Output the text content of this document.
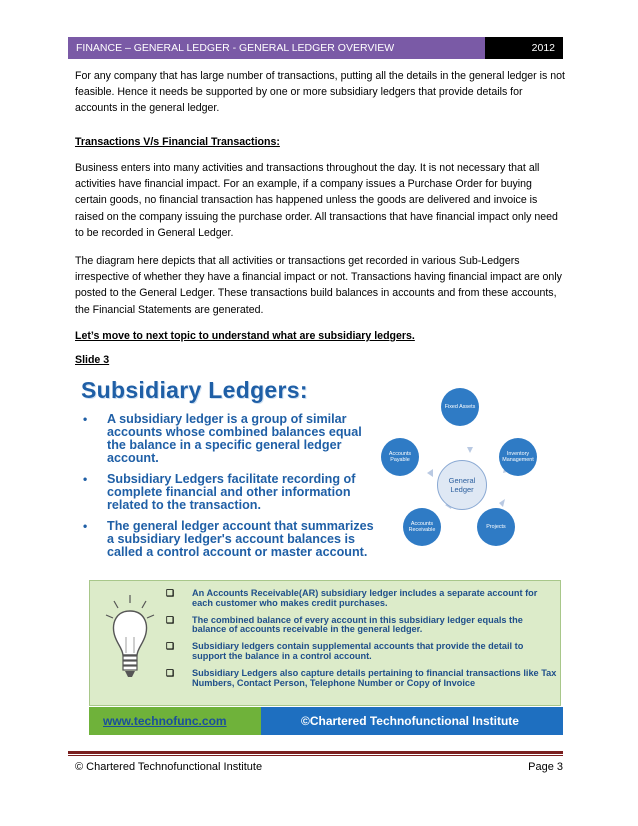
FINANCE – GENERAL LEDGER - GENERAL LEDGER OVERVIEW	2012
For any company that has large number of transactions, putting all the details in the general ledger is not feasible. Hence it needs be supported by one or more subsidiary ledgers that provide details for accounts in the general ledger.
Transactions V/s Financial Transactions:
Business enters into many activities and transactions throughout the day. It is not necessary that all activities have financial impact. For an example, if a company issues a Purchase Order for buying certain goods, no financial transaction has happened unless the goods are delivered and invoice is raised on the company issuing the purchase order. All transactions that have financial impact only need to be recorded in General Ledger.
The diagram here depicts that all activities or transactions get recorded in various Sub-Ledgers irrespective of whether they have a financial impact or not. Transactions having financial impact are only posted to the General Ledger. These transactions build balances in accounts and from these accounts, the Financial Statements are generated.
Let’s move to next topic to understand what are subsidiary ledgers.
Slide 3
Subsidiary Ledgers:
•	A subsidiary ledger is a group of similar accounts whose combined balances equal the balance in a specific general ledger account.
•	Subsidiary Ledgers facilitate recording of complete financial and other information related to the transaction.
•	The general ledger account that summarizes a subsidiary ledger's account balances is called a control account or master account.
Fixed Assets
Inventory Management
Projects
Accounts Receivable
Accounts Payable
General Ledger
❑	An Accounts Receivable(AR) subsidiary ledger includes a separate account for each customer who makes credit purchases.
❑	The combined balance of every account in this subsidiary ledger equals the balance of accounts receivable in the general ledger.
❑	Subsidiary ledgers contain supplemental accounts that provide the detail to support the balance in a control account.
❑	Subsidiary Ledgers also capture details pertaining to financial transactions like Tax Numbers, Contact Person, Telephone Number or Copy of Invoice
www.technofunc.com	©Chartered Technofunctional Institute
© Chartered Technofunctional Institute	Page 3
